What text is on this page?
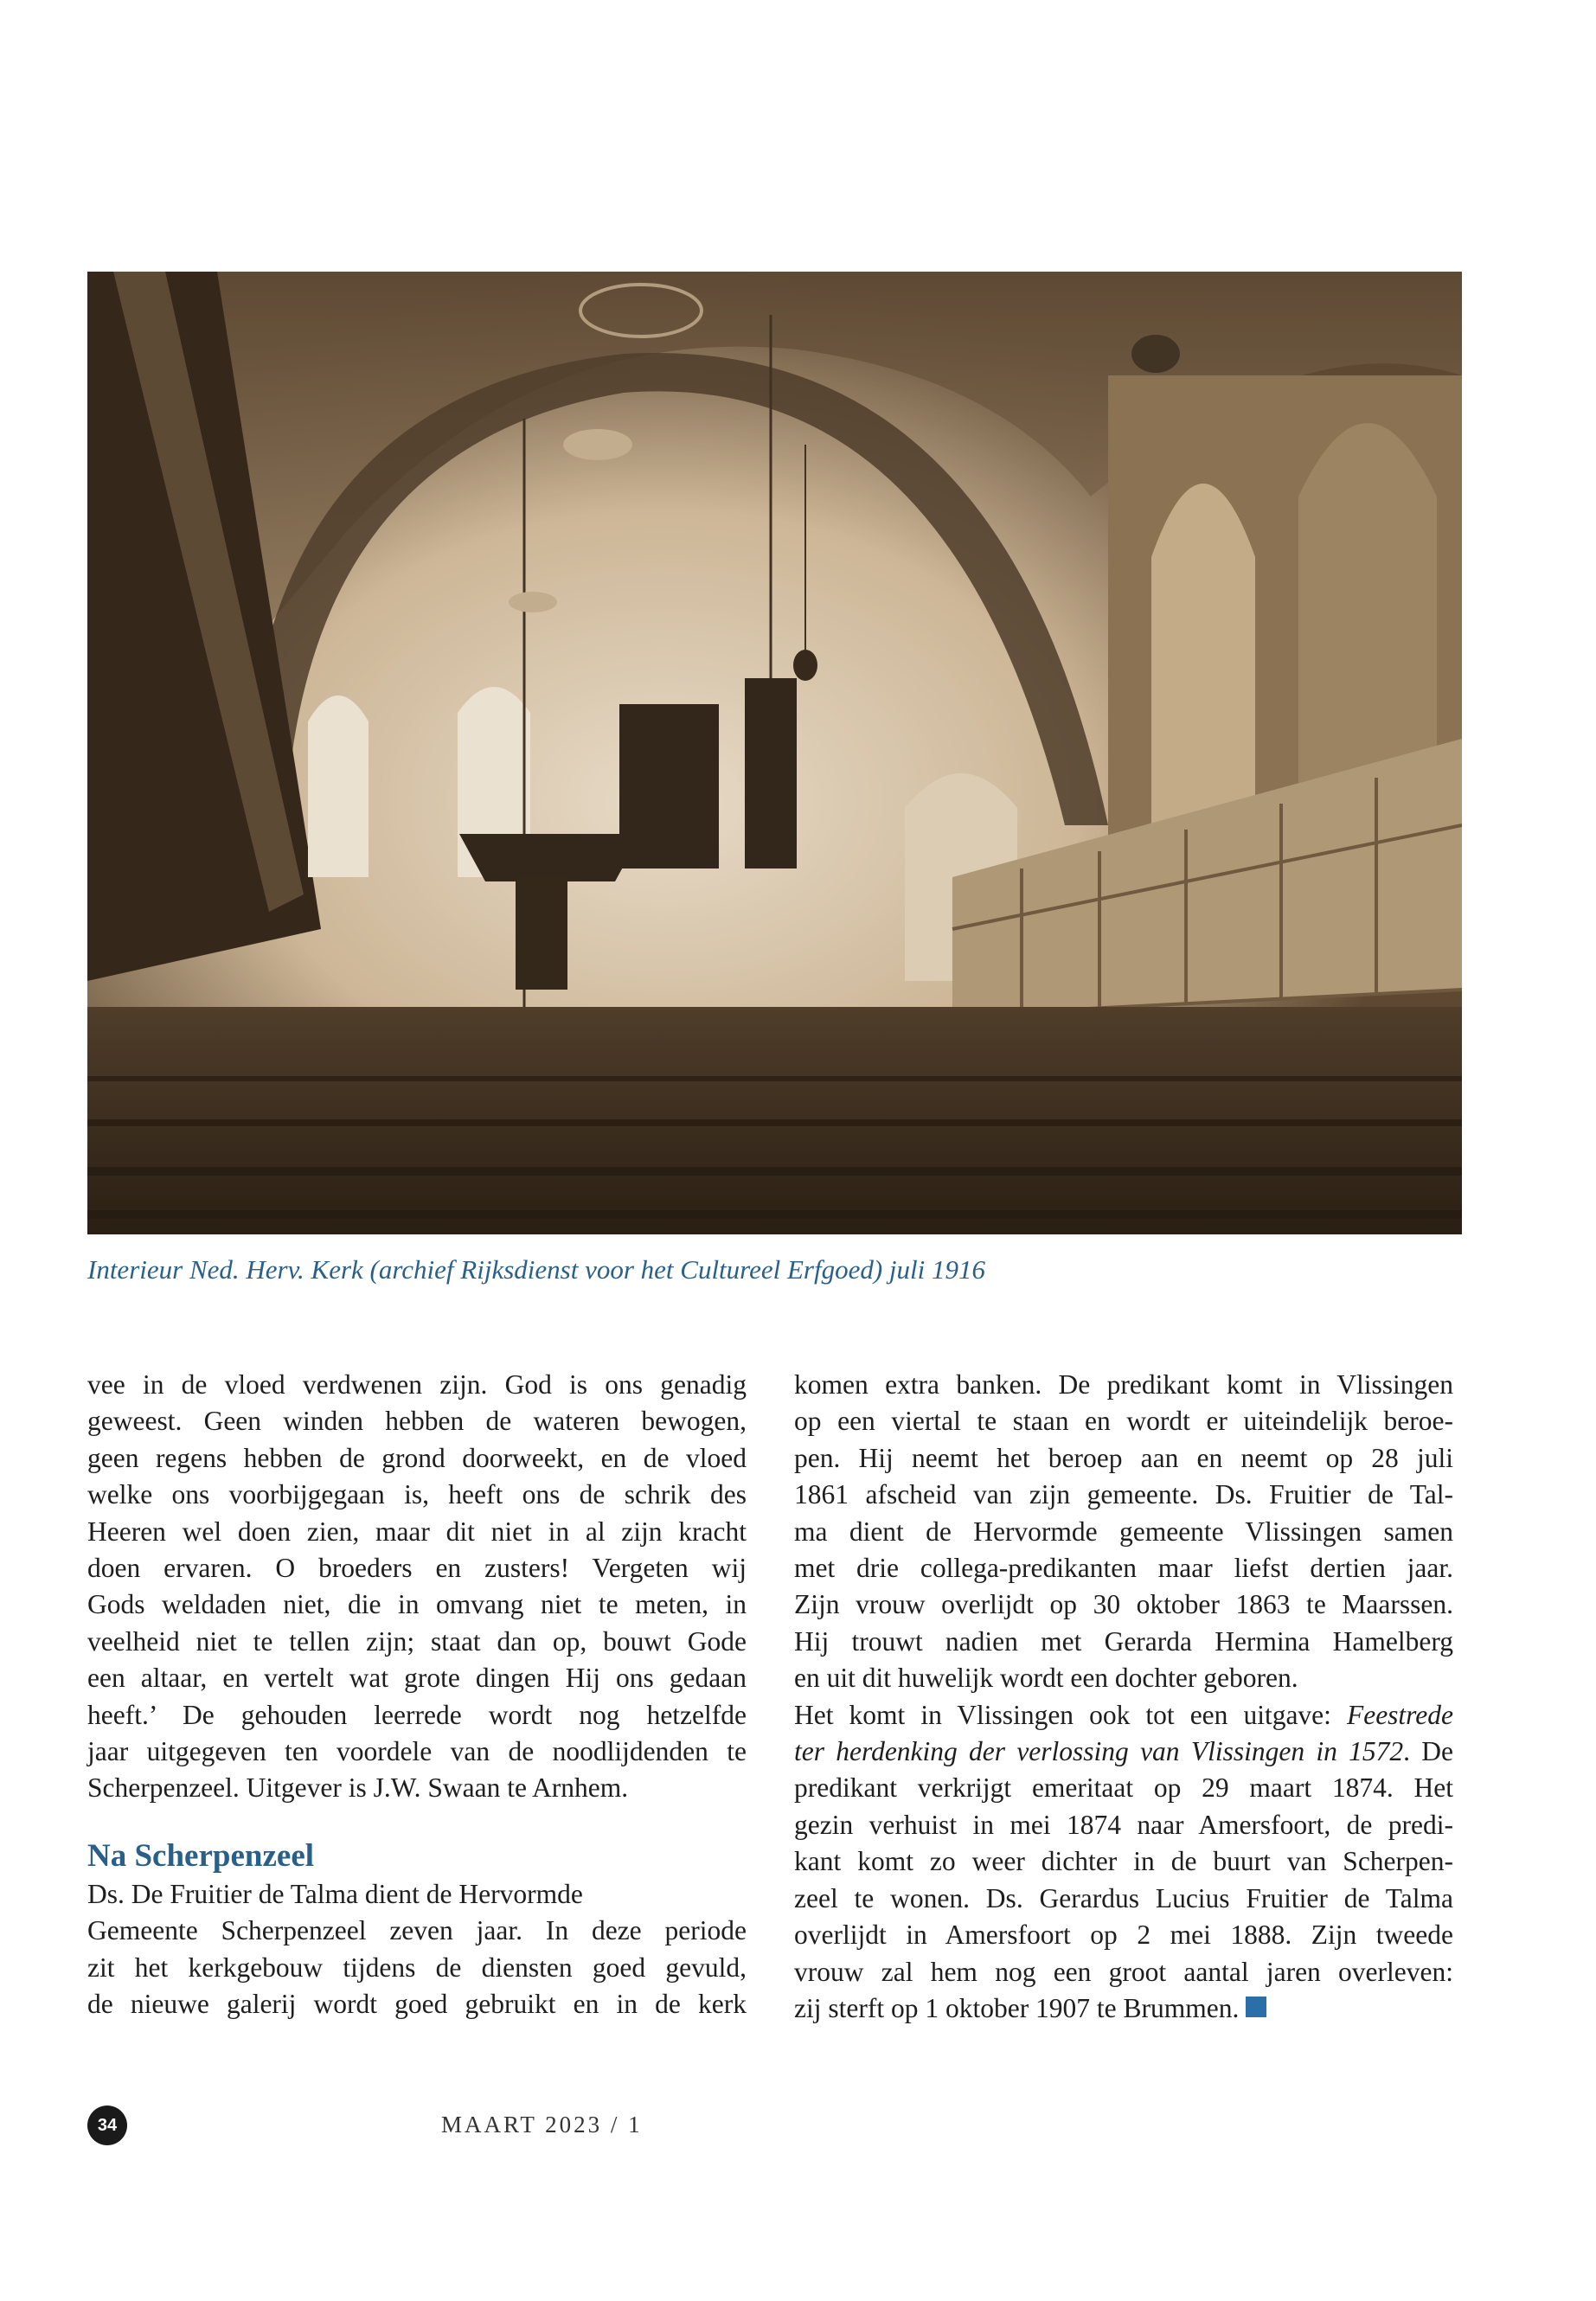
Interieur Ned. Herv. Kerk (archief Rijksdienst voor het Cultureel Erfgoed) juli 1916

vee in de vloed verdwenen zijn. God is ons genadig
geweest. Geen winden hebben de wateren bewogen,
geen regens hebben de grond doorweekt, en de vloed
welke ons voorbijgegaan is, heeft ons de schrik des
Heeren wel doen zien, maar dit niet in al zijn kracht
doen ervaren. O broeders en zusters! Vergeten wij
Gods weldaden niet, die in omvang niet te meten, in
veelheid niet te tellen zijn; staat dan op, bouwt Gode
een altaar, en vertelt wat grote dingen Hij ons gedaan
heeft.’ De gehouden leerrede wordt nog hetzelfde
jaar uitgegeven ten voordele van de noodlijdenden te
Scherpenzeel. Uitgever is J.W. Swaan te Arnhem.

Na Scherpenzeel

Ds. De Fruitier de Talma dient de Hervormde
Gemeente Scherpenzeel zeven jaar. In deze periode
zit het kerkgebouw tijdens de diensten goed gevuld,
de nieuwe galerij wordt goed gebruikt en in de kerk

komen extra banken. De predikant komt in Vlissingen
op een viertal te staan en wordt er uiteindelijk beroe-
pen. Hij neemt het beroep aan en neemt op 28 juli
1861 afscheid van zijn gemeente. Ds. Fruitier de Tal-
ma dient de Hervormde gemeente Vlissingen samen
met drie collega-predikanten maar liefst dertien jaar.
Zijn vrouw overlijdt op 30 oktober 1863 te Maarssen.
Hij trouwt nadien met Gerarda Hermina Hamelberg
en uit dit huwelijk wordt een dochter geboren.
Het komt in Vlissingen ook tot een uitgave: Feestrede
ter herdenking der verlossing van Vlissingen in 1572. De
predikant verkrijgt emeritaat op 29 maart 1874. Het
gezin verhuist in mei 1874 naar Amersfoort, de predi-
kant komt zo weer dichter in de buurt van Scherpen-
zeel te wonen. Ds. Gerardus Lucius Fruitier de Talma
overlijdt in Amersfoort op 2 mei 1888. Zijn tweede
vrouw zal hem nog een groot aantal jaren overleven:
zij sterft op 1 oktober 1907 te Brummen.

34	MAART 2023 / 1
